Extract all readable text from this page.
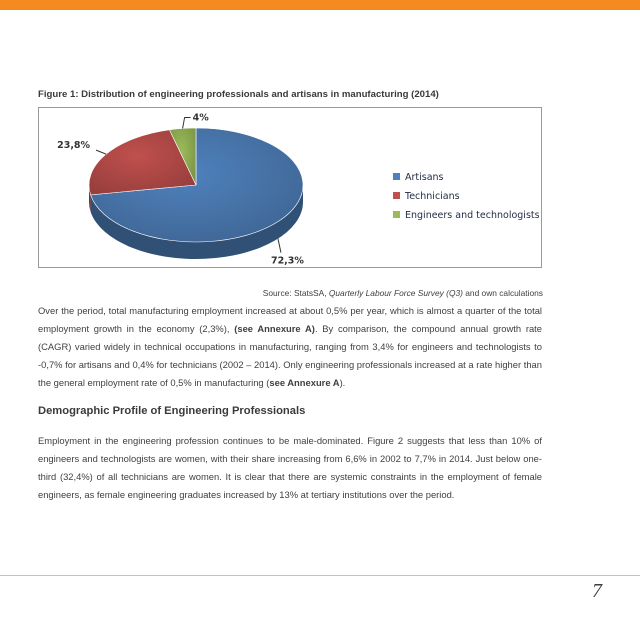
Figure 1: Distribution of engineering professionals and artisans in manufacturing (2014)
72,3%
23,8%
4%
Artisans
Technicians
Engineers and technologists
Source: StatsSA, Quarterly Labour Force Survey (Q3) and own calculations
Over the period, total manufacturing employment increased at about 0,5% per year, which is almost a quarter of the total employment growth in the economy (2,3%), (see Annexure A). By comparison, the compound annual growth rate (CAGR) varied widely in technical occupations in manufacturing, ranging from 3,4% for engineers and technologists to -0,7% for artisans and 0,4% for technicians (2002 – 2014). Only engineering professionals increased at a rate higher than the general employment rate of 0,5% in manufacturing (see Annexure A).
Demographic Profile of Engineering Professionals
Employment in the engineering profession continues to be male-dominated. Figure 2 suggests that less than 10% of engineers and technologists are women, with their share increasing from 6,6% in 2002 to 7,7% in 2014. Just below one-third (32,4%) of all technicians are women. It is clear that there are systemic constraints in the employment of female engineers, as female engineering graduates increased by 13% at tertiary institutions over the period.
7
